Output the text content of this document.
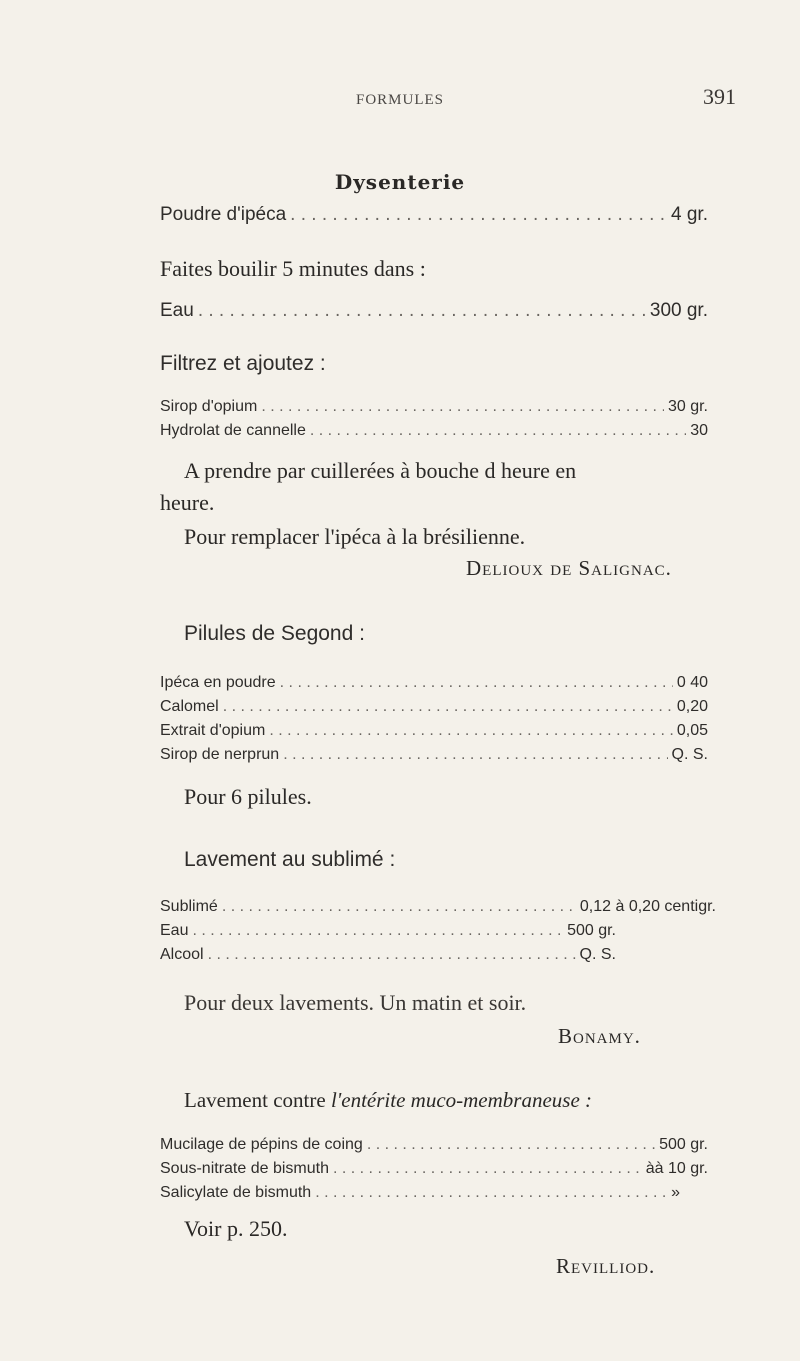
FORMULES	391
Dysenterie
Poudre d'ipéca . . .	4 gr.
Faites bouilir 5 minutes dans :
Eau . . .	300 gr.
Filtrez et ajoutez :
Sirop d'opium . . .	30 gr.
Hydrolat de cannelle . . .	30
A prendre par cuillerées à bouche d heure en
heure.
Pour remplacer l'ipéca à la brésilienne.
Delioux de Salignac.
Pilules de Segond :
Ipéca en poudre . . .	0 40
Calomel . . .	0,20
Extrait d'opium . . .	0,05
Sirop de nerprun . . .	Q. S.
Pour 6 pilules.
Lavement au sublimé :
Sublimé . . .	0,12 à 0,20 centigr.
Eau . . .	500 gr.
Alcool . . .	Q. S.
Pour deux lavements. Un matin et soir.
Bonamy.
Lavement contre l'entérite muco-membraneuse :
Mucilage de pépins de coing . . .	500 gr.
Sous-nitrate de bismuth . . .	àà 10 gr.
Salicylate de bismuth . . .	»
Voir p. 250.
Revilliod.
